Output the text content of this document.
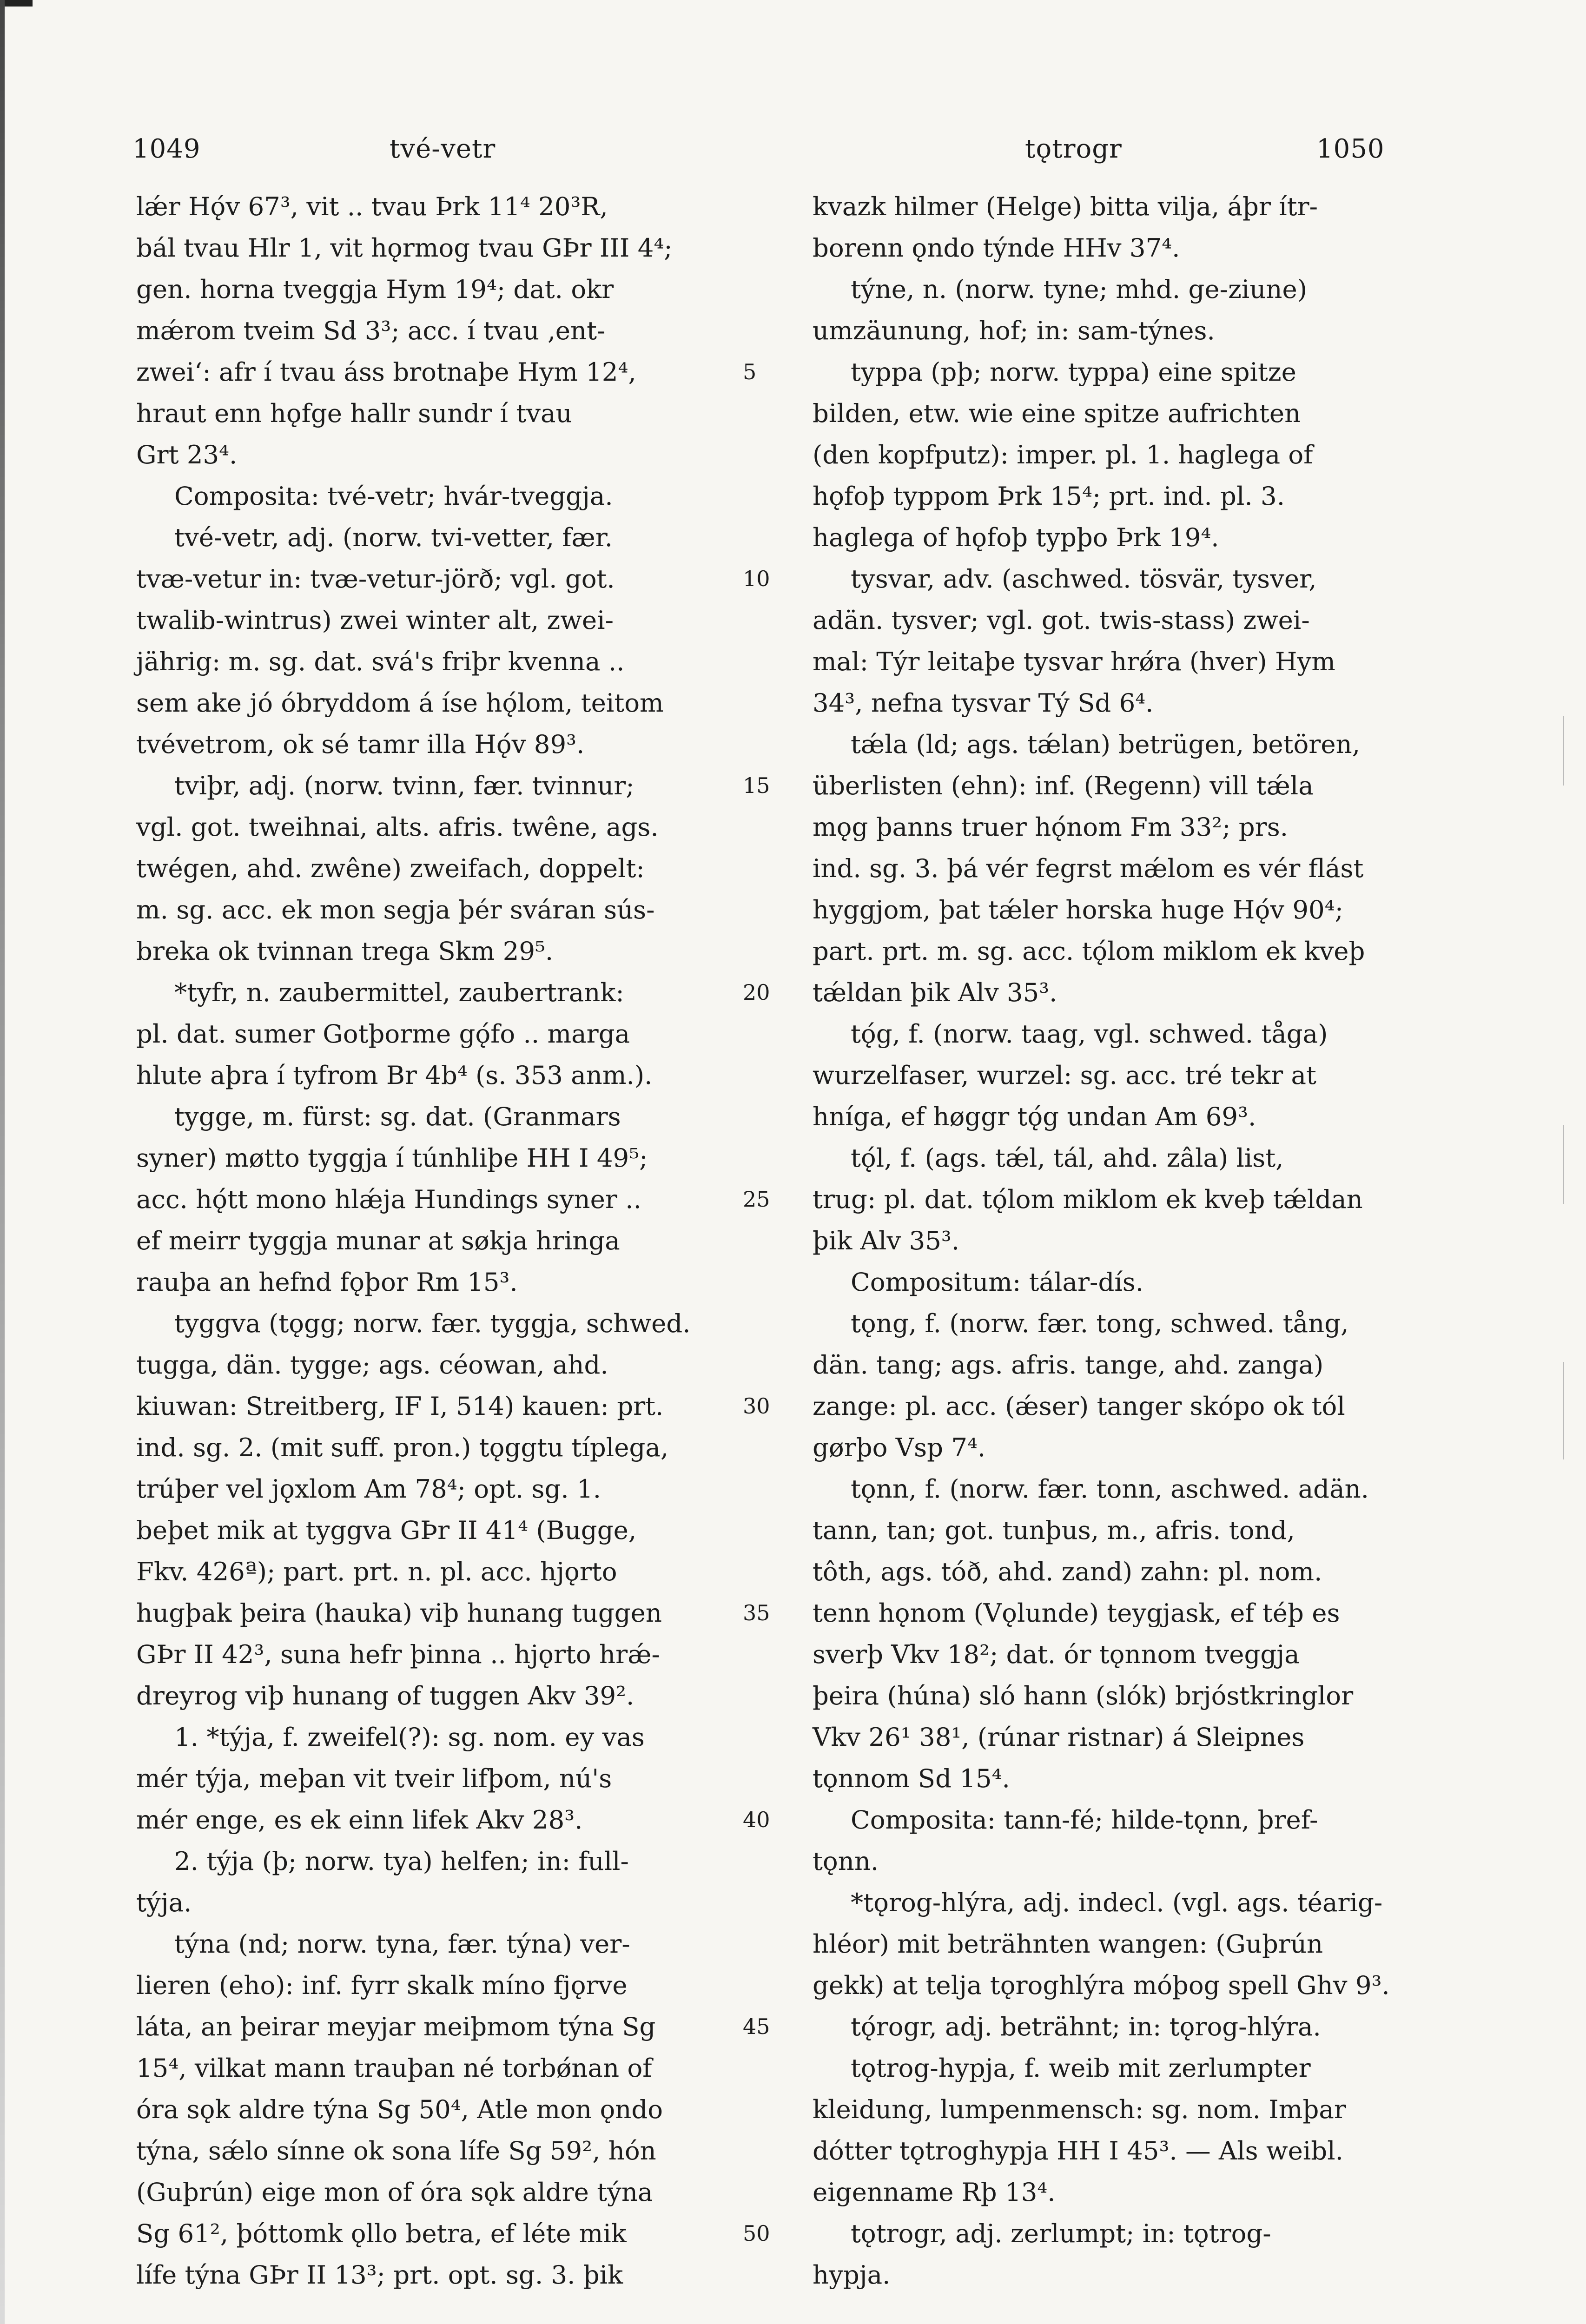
1049	tvé-vetr	tǫtrogr	1050

lǽr Hǫ́v 67³, vit .. tvau Þrk 11⁴ 20³R,

bál tvau Hlr 1, vit hǫrmog tvau GÞr III 4⁴;

gen. horna tveggja Hym 19⁴; dat. okr

mǽrom tveim Sd 3³; acc. í tvau ‚ent-

zwei‘: afr í tvau áss brotnaþe Hym 12⁴,

hraut enn hǫfge hallr sundr í tvau

Grt 23⁴.

Composita: tvé-vetr; hvár-tveggja.

tvé-vetr, adj. (norw. tvi-vetter, fær.

tvæ-vetur in: tvæ-vetur-jörð; vgl. got.

twalib-wintrus) zwei winter alt, zwei-

jährig: m. sg. dat. svá's friþr kvenna ..

sem ake jó óbryddom á íse hǫ́lom, teitom

tvévetrom, ok sé tamr illa Hǫ́v 89³.

tviþr, adj. (norw. tvinn, fær. tvinnur;

vgl. got. tweihnai, alts. afris. twêne, ags.

twégen, ahd. zwêne) zweifach, doppelt:

m. sg. acc. ek mon segja þér sváran sús-

breka ok tvinnan trega Skm 29⁵.

*tyfr, n. zaubermittel, zaubertrank:

pl. dat. sumer Gotþorme gǫ́fo .. marga

hlute aþra í tyfrom Br 4b⁴ (s. 353 anm.).

tygge, m. fürst: sg. dat. (Granmars

syner) møtto tyggja í túnhliþe HH I 49⁵;

acc. hǫ́tt mono hlǽja Hundings syner ..

ef meirr tyggja munar at søkja hringa

rauþa an hefnd fǫþor Rm 15³.

tyggva (tǫgg; norw. fær. tyggja, schwed.

tugga, dän. tygge; ags. céowan, ahd.

kiuwan: Streitberg, IF I, 514) kauen: prt.

ind. sg. 2. (mit suff. pron.) tǫggtu típlega,

trúþer vel jǫxlom Am 78⁴; opt. sg. 1.

beþet mik at tyggva GÞr II 41⁴ (Bugge,

Fkv. 426ª); part. prt. n. pl. acc. hjǫrto

hugþak þeira (hauka) viþ hunang tuggen

GÞr II 42³, suna hefr þinna .. hjǫrto hrǽ-

dreyrog viþ hunang of tuggen Akv 39².

1. *týja, f. zweifel(?): sg. nom. ey vas

mér týja, meþan vit tveir lifþom, nú's

mér enge, es ek einn lifek Akv 28³.

2. týja (þ; norw. tya) helfen; in: full-

týja.

týna (nd; norw. tyna, fær. týna) ver-

lieren (eho): inf. fyrr skalk míno fjǫrve

láta, an þeirar meyjar meiþmom týna Sg

15⁴, vilkat mann trauþan né torbǿnan of

óra sǫk aldre týna Sg 50⁴, Atle mon ǫndo

týna, sǽlo sínne ok sona lífe Sg 59², hón

(Guþrún) eige mon of óra sǫk aldre týna

Sg 61², þóttomk ǫllo betra, ef léte mik

lífe týna GÞr II 13³; prt. opt. sg. 3. þik

kvazk hilmer (Helge) bitta vilja, áþr ítr-

borenn ǫndo týnde HHv 37⁴.

týne, n. (norw. tyne; mhd. ge-ziune)

umzäunung, hof; in: sam-týnes.

typpa (pþ; norw. typpa) eine spitze

bilden, etw. wie eine spitze aufrichten

(den kopfputz): imper. pl. 1. haglega of

hǫfoþ typpom Þrk 15⁴; prt. ind. pl. 3.

haglega of hǫfoþ typþo Þrk 19⁴.

tysvar, adv. (aschwed. tösvär, tysver,

adän. tysver; vgl. got. twis-stass) zwei-

mal: Týr leitaþe tysvar hrǿra (hver) Hym

34³, nefna tysvar Tý Sd 6⁴.

tǽla (ld; ags. tǽlan) betrügen, betören,

überlisten (ehn): inf. (Regenn) vill tǽla

mǫg þanns truer hǫ́nom Fm 33²; prs.

ind. sg. 3. þá vér fegrst mǽlom es vér flást

hyggjom, þat tǽler horska huge Hǫ́v 90⁴;

part. prt. m. sg. acc. tǫ́lom miklom ek kveþ

tǽldan þik Alv 35³.

tǫ́g, f. (norw. taag, vgl. schwed. tåga)

wurzelfaser, wurzel: sg. acc. tré tekr at

hníga, ef høggr tǫ́g undan Am 69³.

tǫ́l, f. (ags. tǽl, tál, ahd. zâla) list,

trug: pl. dat. tǫ́lom miklom ek kveþ tǽldan

þik Alv 35³.

Compositum: tálar-dís.

tǫng, f. (norw. fær. tong, schwed. tång,

dän. tang; ags. afris. tange, ahd. zanga)

zange: pl. acc. (ǽser) tanger skópo ok tól

gørþo Vsp 7⁴.

tǫnn, f. (norw. fær. tonn, aschwed. adän.

tann, tan; got. tunþus, m., afris. tond,

tôth, ags. tóð, ahd. zand) zahn: pl. nom.

tenn hǫnom (Vǫlunde) teygjask, ef téþ es

sverþ Vkv 18²; dat. ór tǫnnom tveggja

þeira (húna) sló hann (slók) brjóstkringlor

Vkv 26¹ 38¹, (rúnar ristnar) á Sleipnes

tǫnnom Sd 15⁴.

Composita: tann-fé; hilde-tǫnn, þref-

tǫnn.

*tǫrog-hlýra, adj. indecl. (vgl. ags. téarig-

hléor) mit beträhnten wangen: (Guþrún

gekk) at telja tǫroghlýra móþog spell Ghv 9³.

tǫ́rogr, adj. beträhnt; in: tǫrog-hlýra.

tǫtrog-hypja, f. weib mit zerlumpter

kleidung, lumpenmensch: sg. nom. Imþar

dótter tǫtroghypja HH I 45³. — Als weibl.

eigenname Rþ 13⁴.

tǫtrogr, adj. zerlumpt; in: tǫtrog-

hypja.

5
10
15
20
25
30
35
40
45
50
